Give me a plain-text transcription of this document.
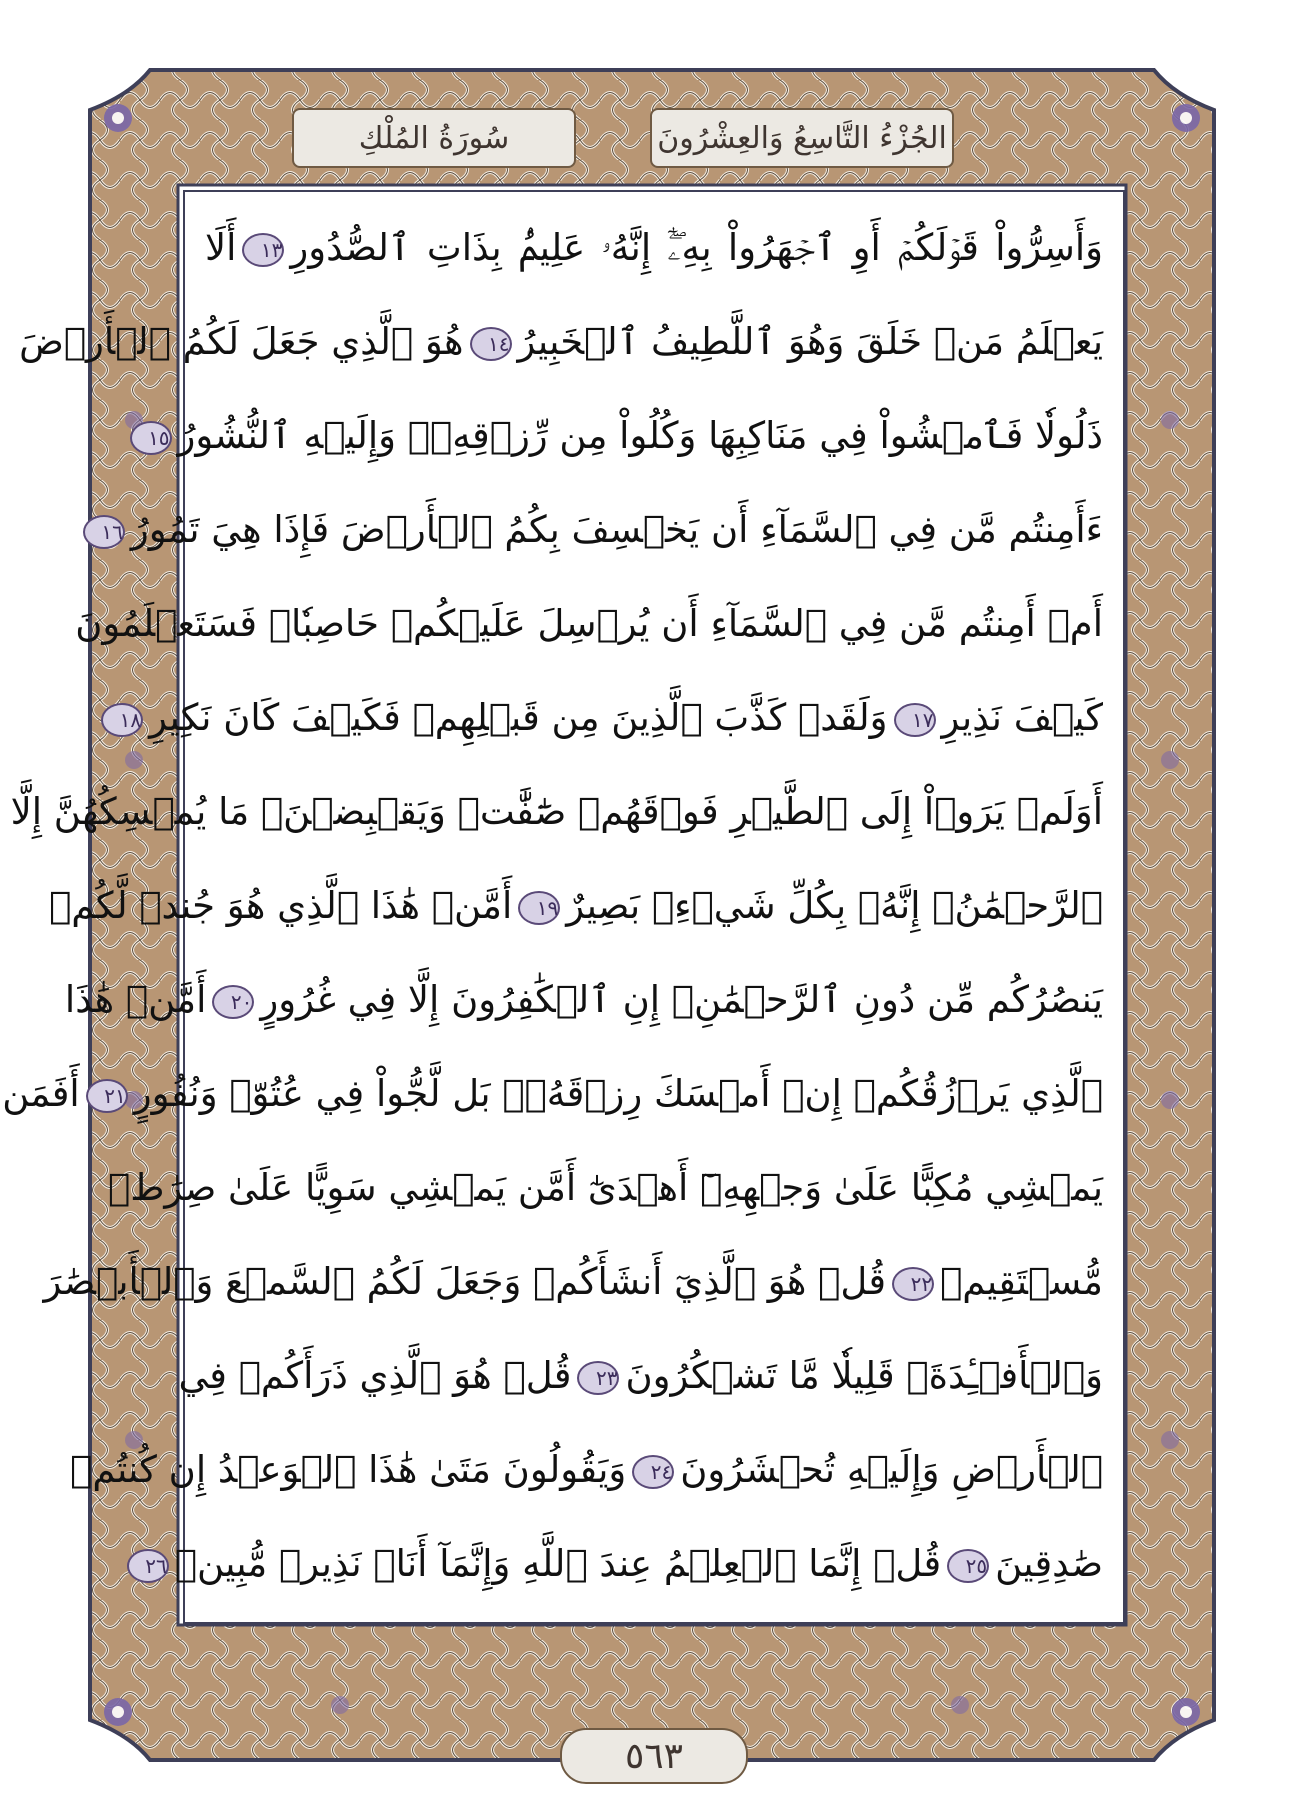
الجُزْءُ التَّاسِعُ وَالعِشْرُونَ
سُورَةُ المُلْكِ
وَأَسِرُّواْ قَوۡلَكُمۡ أَوِ ٱجۡهَرُواْ بِهِۦٓۖ إِنَّهُۥ عَلِيمُۢ بِذَاتِ ٱلصُّدُورِ١٣أَلَا
يَعۡلَمُ مَنۡ خَلَقَ وَهُوَ ٱللَّطِيفُ ٱلۡخَبِيرُ١٤هُوَ ٱلَّذِي جَعَلَ لَكُمُ ٱلۡأَرۡضَ
ذَلُولٗا فَٱمۡشُواْ فِي مَنَاكِبِهَا وَكُلُواْ مِن رِّزۡقِهِۦۖ وَإِلَيۡهِ ٱلنُّشُورُ١٥
ءَأَمِنتُم مَّن فِي ٱلسَّمَآءِ أَن يَخۡسِفَ بِكُمُ ٱلۡأَرۡضَ فَإِذَا هِيَ تَمُورُ١٦
أَمۡ أَمِنتُم مَّن فِي ٱلسَّمَآءِ أَن يُرۡسِلَ عَلَيۡكُمۡ حَاصِبٗاۖ فَسَتَعۡلَمُونَ
كَيۡفَ نَذِيرِ١٧وَلَقَدۡ كَذَّبَ ٱلَّذِينَ مِن قَبۡلِهِمۡ فَكَيۡفَ كَانَ نَكِيرِ١٨
أَوَلَمۡ يَرَوۡاْ إِلَى ٱلطَّيۡرِ فَوۡقَهُمۡ صَٰٓفَّٰتٖ وَيَقۡبِضۡنَۚ مَا يُمۡسِكُهُنَّ إِلَّا
ٱلرَّحۡمَٰنُۚ إِنَّهُۥ بِكُلِّ شَيۡءِۢ بَصِيرٌ١٩أَمَّنۡ هَٰذَا ٱلَّذِي هُوَ جُندٞ لَّكُمۡ
يَنصُرُكُم مِّن دُونِ ٱلرَّحۡمَٰنِۚ إِنِ ٱلۡكَٰفِرُونَ إِلَّا فِي غُرُورٍ٢٠أَمَّنۡ هَٰذَا
ٱلَّذِي يَرۡزُقُكُمۡ إِنۡ أَمۡسَكَ رِزۡقَهُۥۚ بَل لَّجُّواْ فِي عُتُوّٖ وَنُفُورٍ٢١أَفَمَن
يَمۡشِي مُكِبًّا عَلَىٰ وَجۡهِهِۦٓ أَهۡدَىٰٓ أَمَّن يَمۡشِي سَوِيًّا عَلَىٰ صِرَٰطٖ
مُّسۡتَقِيمٖ٢٢قُلۡ هُوَ ٱلَّذِيٓ أَنشَأَكُمۡ وَجَعَلَ لَكُمُ ٱلسَّمۡعَ وَٱلۡأَبۡصَٰرَ
وَٱلۡأَفۡـِٔدَةَۚ قَلِيلٗا مَّا تَشۡكُرُونَ٢٣قُلۡ هُوَ ٱلَّذِي ذَرَأَكُمۡ فِي
ٱلۡأَرۡضِ وَإِلَيۡهِ تُحۡشَرُونَ٢٤وَيَقُولُونَ مَتَىٰ هَٰذَا ٱلۡوَعۡدُ إِن كُنتُمۡ
صَٰدِقِينَ٢٥قُلۡ إِنَّمَا ٱلۡعِلۡمُ عِندَ ٱللَّهِ وَإِنَّمَآ أَنَا۠ نَذِيرٞ مُّبِينٞ٢٦
٥٦٣
